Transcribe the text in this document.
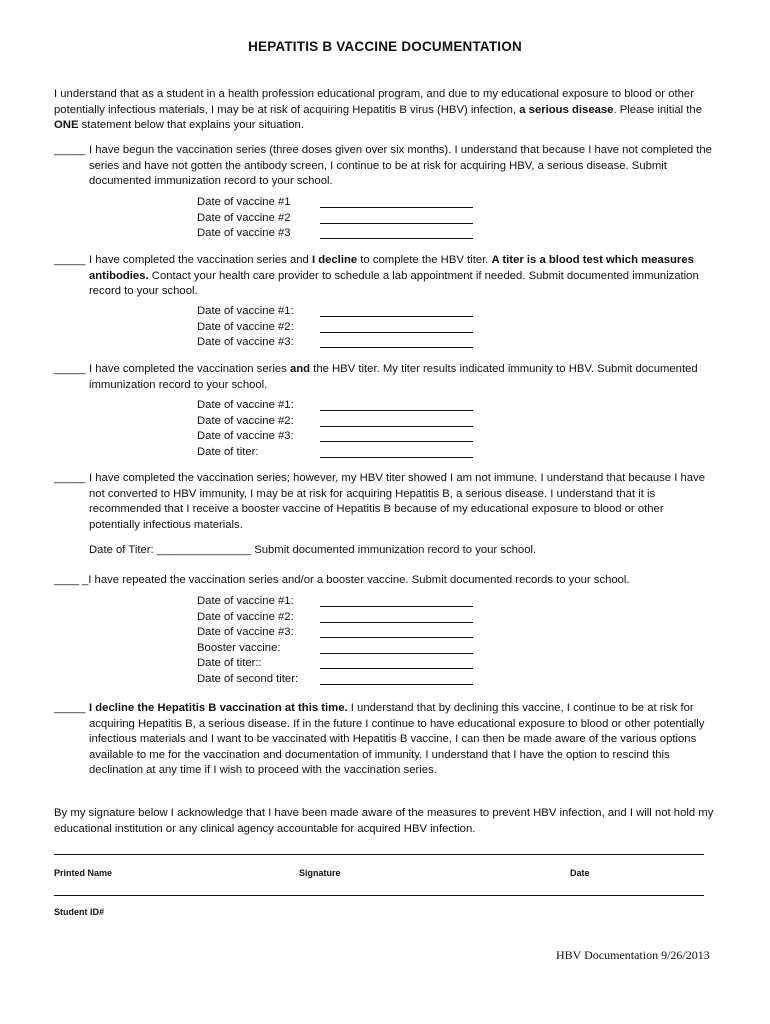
HEPATITIS B VACCINE DOCUMENTATION
I understand that as a student in a health profession educational program, and due to my educational exposure to blood or other potentially infectious materials, I may be at risk of acquiring Hepatitis B virus (HBV) infection, a serious disease. Please initial the ONE statement below that explains your situation.
_____ I have begun the vaccination series (three doses given over six months). I understand that because I have not completed the series and have not gotten the antibody screen, I continue to be at risk for acquiring HBV, a serious disease. Submit documented immunization record to your school.
Date of vaccine #1
Date of vaccine #2
Date of vaccine #3
_____ I have completed the vaccination series and I decline to complete the HBV titer. A titer is a blood test which measures antibodies. Contact your health care provider to schedule a lab appointment if needed. Submit documented immunization record to your school.
Date of vaccine #1:
Date of vaccine #2:
Date of vaccine #3:
_____ I have completed the vaccination series and the HBV titer. My titer results indicated immunity to HBV. Submit documented immunization record to your school.
Date of vaccine #1:
Date of vaccine #2:
Date of vaccine #3:
Date of titer:
_____ I have completed the vaccination series; however, my HBV titer showed I am not immune. I understand that because I have not converted to HBV immunity, I may be at risk for acquiring Hepatitis B, a serious disease. I understand that it is recommended that I receive a booster vaccine of Hepatitis B because of my educational exposure to blood or other potentially infectious materials.
Date of Titer: _______________ Submit documented immunization record to your school.
____ _I have repeated the vaccination series and/or a booster vaccine. Submit documented records to your school.
Date of vaccine #1:
Date of vaccine #2:
Date of vaccine #3:
Booster vaccine:
Date of titer::
Date of second titer:
_____ I decline the Hepatitis B vaccination at this time. I understand that by declining this vaccine, I continue to be at risk for acquiring Hepatitis B, a serious disease. If in the future I continue to have educational exposure to blood or other potentially infectious materials and I want to be vaccinated with Hepatitis B vaccine, I can then be made aware of the various options available to me for the vaccination and documentation of immunity. I understand that I have the option to rescind this declination at any time if I wish to proceed with the vaccination series.
By my signature below I acknowledge that I have been made aware of the measures to prevent HBV infection, and I will not hold my educational institution or any clinical agency accountable for acquired HBV infection.
Printed Name	Signature	Date
Student ID#
HBV Documentation 9/26/2013
